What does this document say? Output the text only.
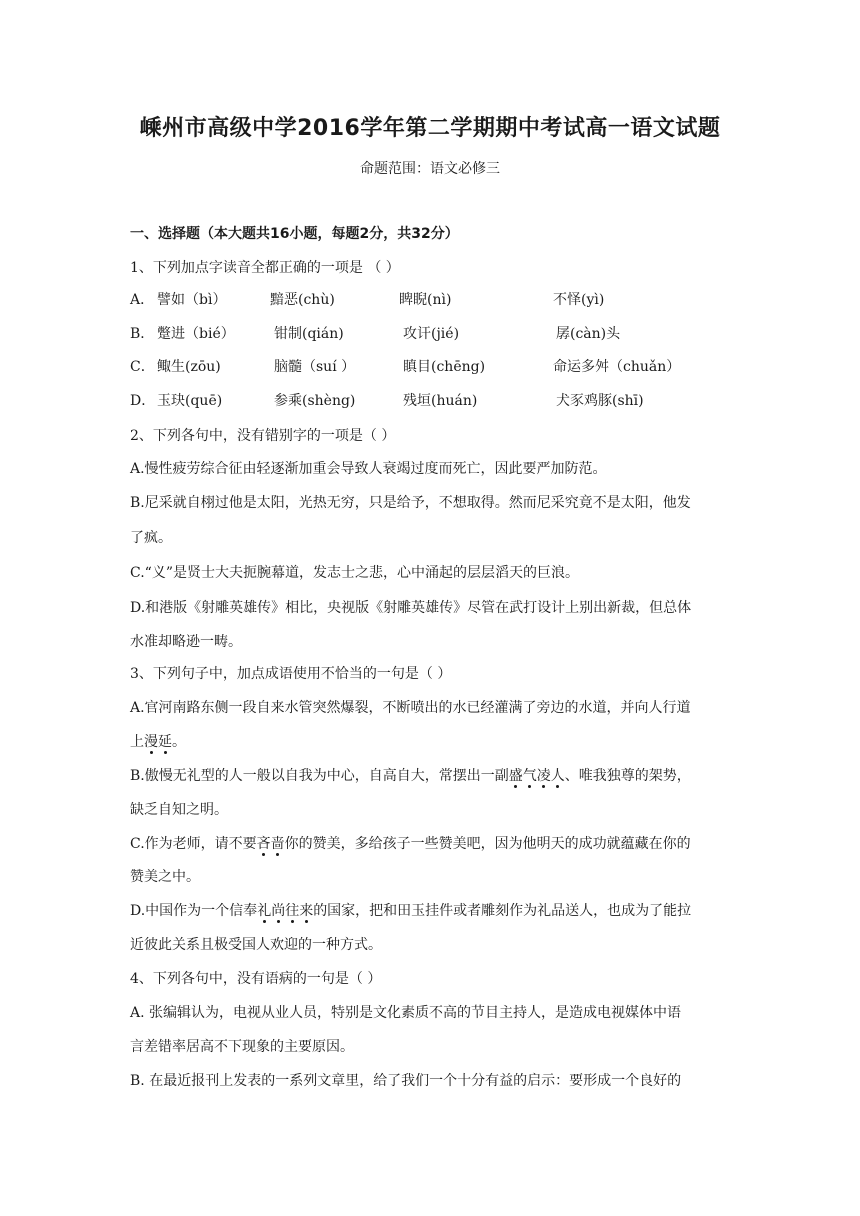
嵊州市高级中学2016学年第二学期期中考试高一语文试题
命题范围：语文必修三
一、选择题（本大题共16小题，每题2分，共32分）
1、下列加点字读音全都正确的一项是 （ ）
A． 譬如（bì）	黯恶(chù)	睥睨(nì)	不怿(yì)
B． 蹩进（bié）	钳制(qián)	攻讦(jié)	孱(càn)头
C． 鲰生(zōu)	脑髓（suí ）	瞋目(chēng)	命运多舛（chuǎn）
D． 玉玦(quē)	参乘(shèng)	残垣(huán)	犬豕鸡豚(shī)
2、下列各句中，没有错别字的一项是（ ）
A.慢性疲劳综合征由轻逐渐加重会导致人衰竭过度而死亡，因此要严加防范。
B.尼采就自栩过他是太阳，光热无穷，只是给予，不想取得。然而尼采究竟不是太阳，他发
了疯。
C.“义”是贤士大夫扼腕幕道，发志士之悲，心中涌起的层层滔天的巨浪。
D.和港版《射雕英雄传》相比，央视版《射雕英雄传》尽管在武打设计上别出新裁，但总体
水准却略逊一畴。
3、下列句子中，加点成语使用不恰当的一句是（ ）
A.官河南路东侧一段自来水管突然爆裂，不断喷出的水已经灌满了旁边的水道，并向人行道
上漫延。
B.傲慢无礼型的人一般以自我为中心，自高自大，常摆出一副盛气凌人、唯我独尊的架势，
缺乏自知之明。
C.作为老师，请不要吝啬你的赞美，多给孩子一些赞美吧，因为他明天的成功就蕴藏在你的
赞美之中。
D.中国作为一个信奉礼尚往来的国家，把和田玉挂件或者雕刻作为礼品送人，也成为了能拉
近彼此关系且极受国人欢迎的一种方式。
4、下列各句中，没有语病的一句是（ ）
A. 张编辑认为，电视从业人员，特别是文化素质不高的节目主持人，是造成电视媒体中语
言差错率居高不下现象的主要原因。
B. 在最近报刊上发表的一系列文章里，给了我们一个十分有益的启示：要形成一个良好的
